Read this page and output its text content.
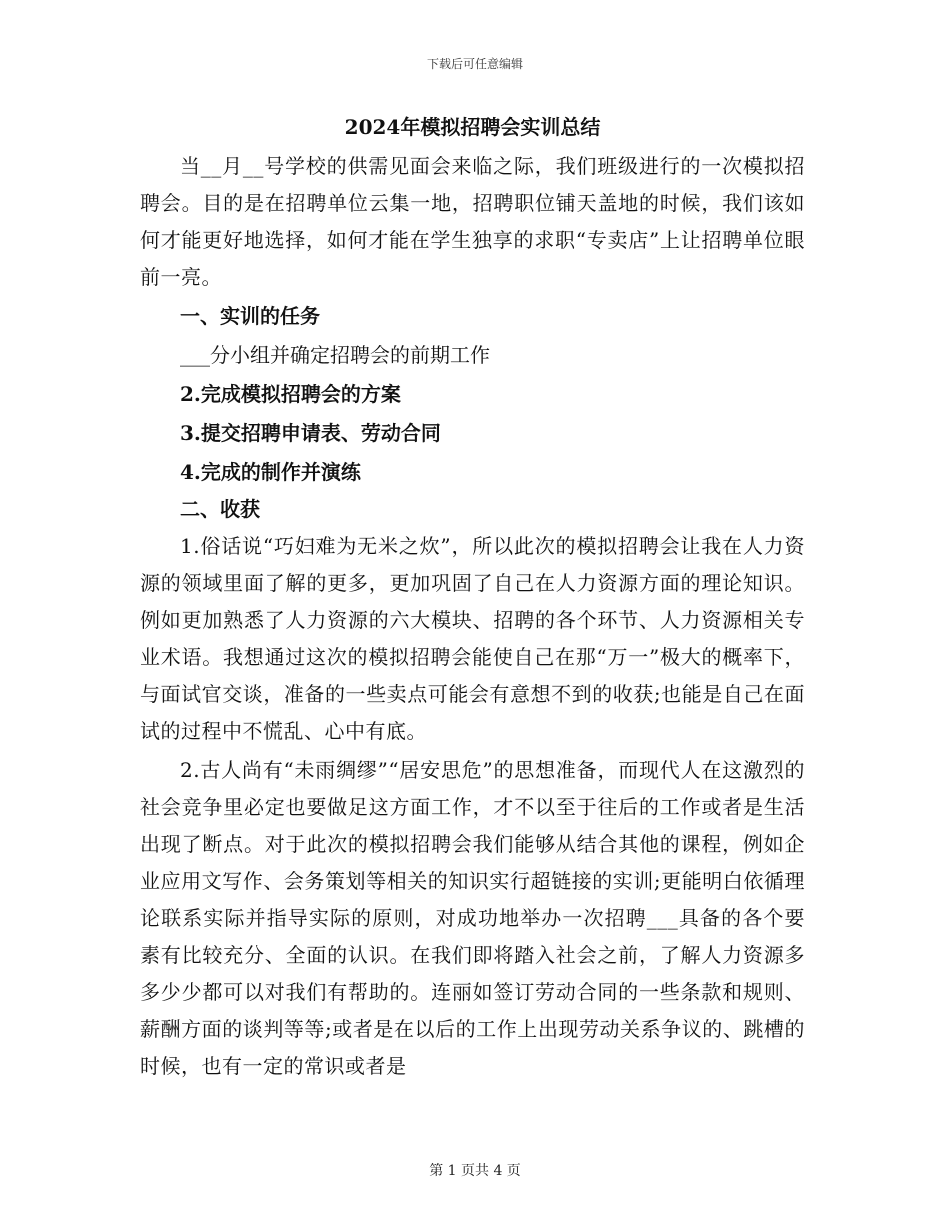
下载后可任意编辑
2024年模拟招聘会实训总结

当__月__号学校的供需见面会来临之际，我们班级进行的一次模拟招聘会。目的是在招聘单位云集一地，招聘职位铺天盖地的时候，我们该如何才能更好地选择，如何才能在学生独享的求职“专卖店”上让招聘单位眼前一亮。

一、实训的任务

___分小组并确定招聘会的前期工作

2.完成模拟招聘会的方案

3.提交招聘申请表、劳动合同

4.完成的制作并演练

二、收获

1.俗话说“巧妇难为无米之炊”，所以此次的模拟招聘会让我在人力资源的领域里面了解的更多，更加巩固了自己在人力资源方面的理论知识。例如更加熟悉了人力资源的六大模块、招聘的各个环节、人力资源相关专业术语。我想通过这次的模拟招聘会能使自己在那“万一”极大的概率下，与面试官交谈，准备的一些卖点可能会有意想不到的收获;也能是自己在面试的过程中不慌乱、心中有底。

2.古人尚有“未雨绸缪”“居安思危”的思想准备，而现代人在这激烈的社会竞争里必定也要做足这方面工作，才不以至于往后的工作或者是生活出现了断点。对于此次的模拟招聘会我们能够从结合其他的课程，例如企业应用文写作、会务策划等相关的知识实行超链接的实训;更能明白依循理论联系实际并指导实际的原则，对成功地举办一次招聘___具备的各个要素有比较充分、全面的认识。在我们即将踏入社会之前，了解人力资源多多少少都可以对我们有帮助的。连丽如签订劳动合同的一些条款和规则、薪酬方面的谈判等等;或者是在以后的工作上出现劳动关系争议的、跳槽的时候，也有一定的常识或者是

第 1 页共 4 页
